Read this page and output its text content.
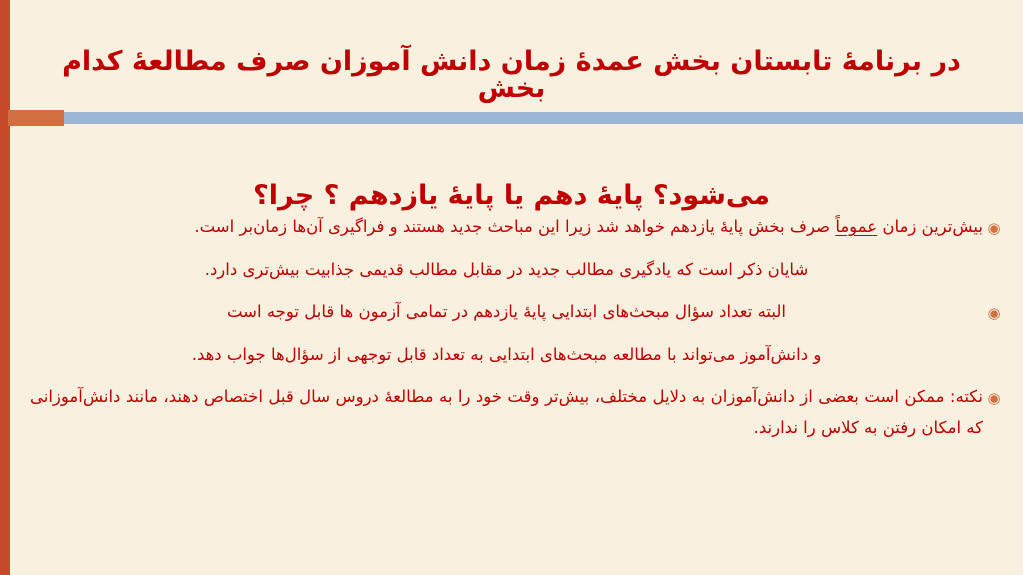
در برنامهٔ تابستان بخش عمدهٔ زمان دانش آموزان صرف مطالعهٔ کدام بخش
می‌شود؟ پایهٔ دهم یا پایهٔ یازدهم ؟ چرا؟
◉
بیش‌ترین زمان عموماً صرف بخش پایهٔ یازدهم خواهد شد زیرا این مباحث جدید هستند و فراگیری آن‌ها زمان‌بر است.
شایان ذکر است که یادگیری مطالب جدید در مقابل مطالب قدیمی جذابیت بیش‌تری دارد.
◉
البته تعداد سؤال مبحث‌های ابتدایی پایهٔ یازدهم در تمامی آزمون ها قابل توجه است
و دانش‌آموز می‌تواند با مطالعه مبحث‌های ابتدایی به تعداد قابل توجهی از سؤال‌ها جواب دهد.
◉
نکته: ممکن است بعضی از دانش‌آموزان به دلایل مختلف، بیش‌تر وقت خود را به مطالعهٔ دروس سال قبل اختصاص دهند، مانند دانش‌آموزانی که امکان رفتن به کلاس را ندارند.
